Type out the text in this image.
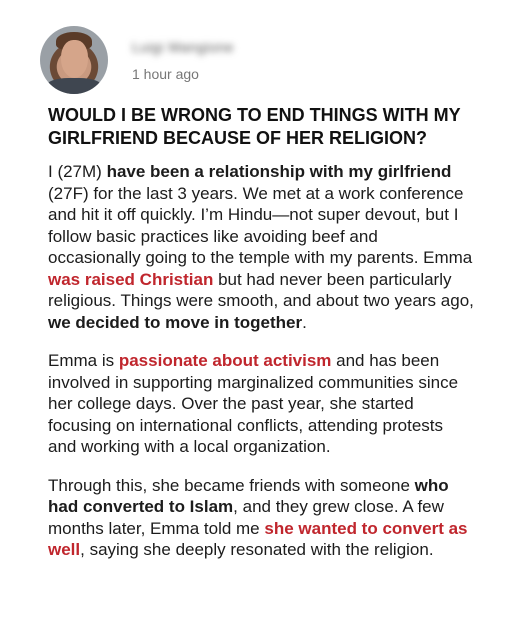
Luigi Mangione
1 hour ago
WOULD I BE WRONG TO END THINGS WITH MY GIRLFRIEND BECAUSE OF HER RELIGION?

I (27M) have been a relationship with my girlfriend (27F) for the last 3 years. We met at a work conference and hit it off quickly. I’m Hindu—not super devout, but I follow basic practices like avoiding beef and occasionally going to the temple with my parents. Emma was raised Christian but had never been particularly religious. Things were smooth, and about two years ago, we decided to move in together.

Emma is passionate about activism and has been involved in supporting marginalized communities since her college days. Over the past year, she started focusing on international conflicts, attending protests and working with a local organization.

Through this, she became friends with someone who had converted to Islam, and they grew close. A few months later, Emma told me she wanted to convert as well, saying she deeply resonated with the religion.
